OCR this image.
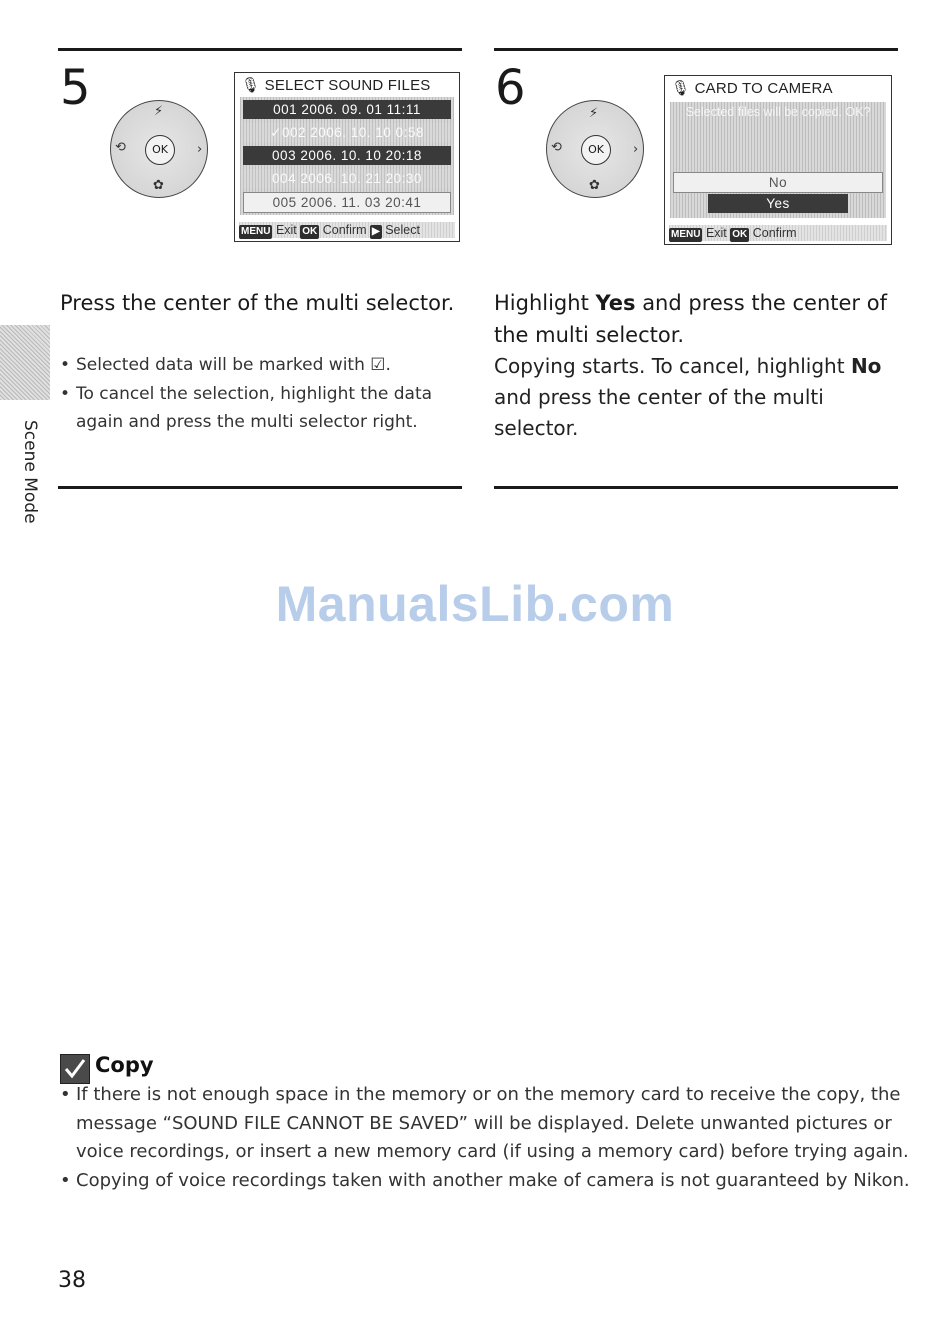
Scene Mode
5	⚡
⟲	›
✿
OK
🎙 SELECT SOUND FILES
001 2006. 09. 01 11:11
✓002 2006. 10. 10 0:58
003 2006. 10. 10 20:18
004 2006. 10. 21 20:30
005 2006. 11. 03 20:41
MENU Exit OK Confirm ▶ Select
Press the center of the multi selector.
• Selected data will be marked with ☑.
• To cancel the selection, highlight the data again and press the multi selector right.
6	⚡
⟲	›
✿
OK
🎙 CARD TO CAMERA
Selected files will be copied. OK?
No
Yes
MENU Exit OK Confirm
Highlight Yes and press the center of the multi selector.
Copying starts. To cancel, highlight No and press the center of the multi selector.
ManualsLib.com
Copy
• If there is not enough space in the memory or on the memory card to receive the copy, the message “SOUND FILE CANNOT BE SAVED” will be displayed. Delete unwanted pictures or voice recordings, or insert a new memory card (if using a memory card) before trying again.
• Copying of voice recordings taken with another make of camera is not guaranteed by Nikon.
38
